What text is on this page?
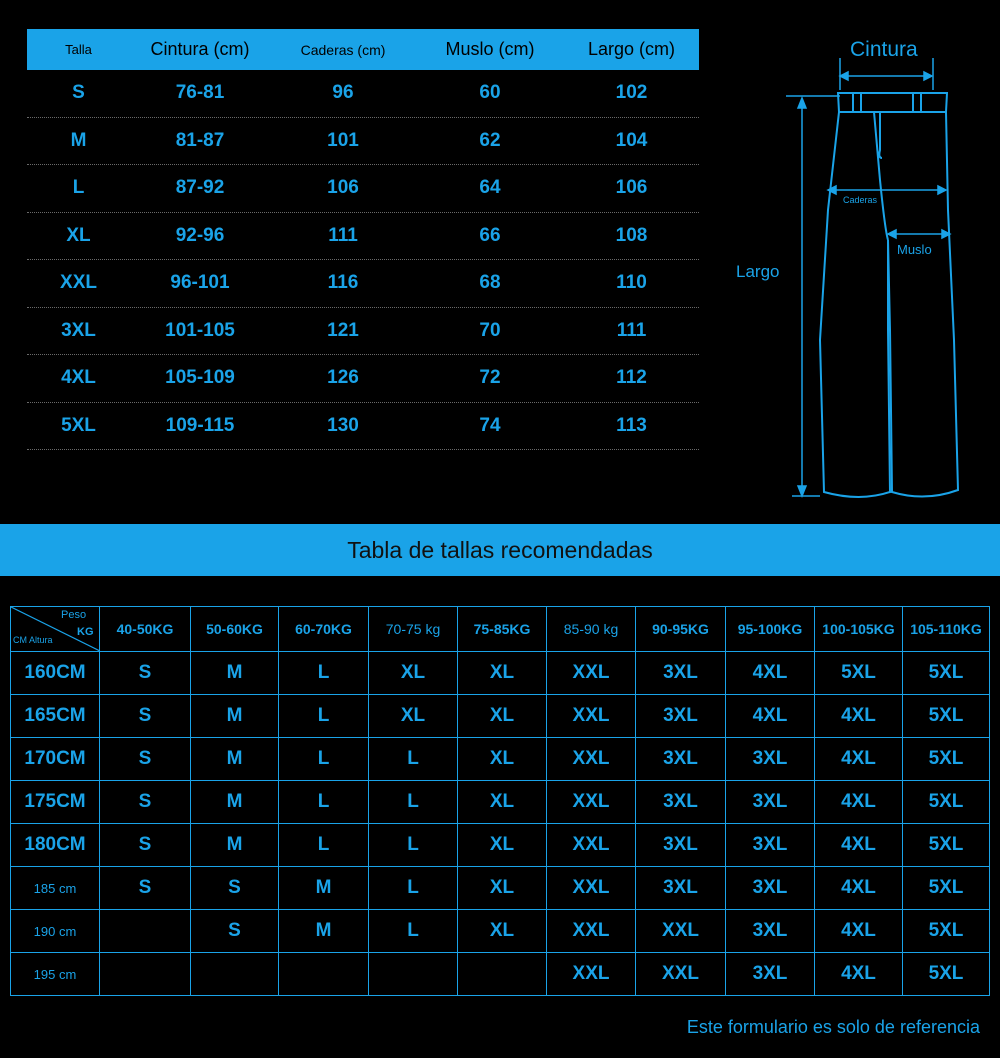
Talla	Cintura (cm)	Caderas (cm)	Muslo (cm)	Largo (cm)
S	76-81	96	60	102
M	81-87	101	62	104
L	87-92	106	64	106
XL	92-96	111	66	108
XXL	96-101	116	68	110
3XL	101-105	121	70	111
4XL	105-109	126	72	112
5XL	109-115	130	74	113
Cintura
Largo
Caderas
Muslo
Tabla de tallas recomendadas
Peso
KG
CM Altura	40-50KG	50-60KG	60-70KG	70-75 kg	75-85KG	85-90 kg	90-95KG	95-100KG	100-105KG	105-110KG
160CM	S	M	L	XL	XL	XXL	3XL	4XL	5XL	5XL
165CM	S	M	L	XL	XL	XXL	3XL	4XL	4XL	5XL
170CM	S	M	L	L	XL	XXL	3XL	3XL	4XL	5XL
175CM	S	M	L	L	XL	XXL	3XL	3XL	4XL	5XL
180CM	S	M	L	L	XL	XXL	3XL	3XL	4XL	5XL
185 cm	S	S	M	L	XL	XXL	3XL	3XL	4XL	5XL
190 cm		S	M	L	XL	XXL	XXL	3XL	4XL	5XL
195 cm						XXL	XXL	3XL	4XL	5XL
Este formulario es solo de referencia
